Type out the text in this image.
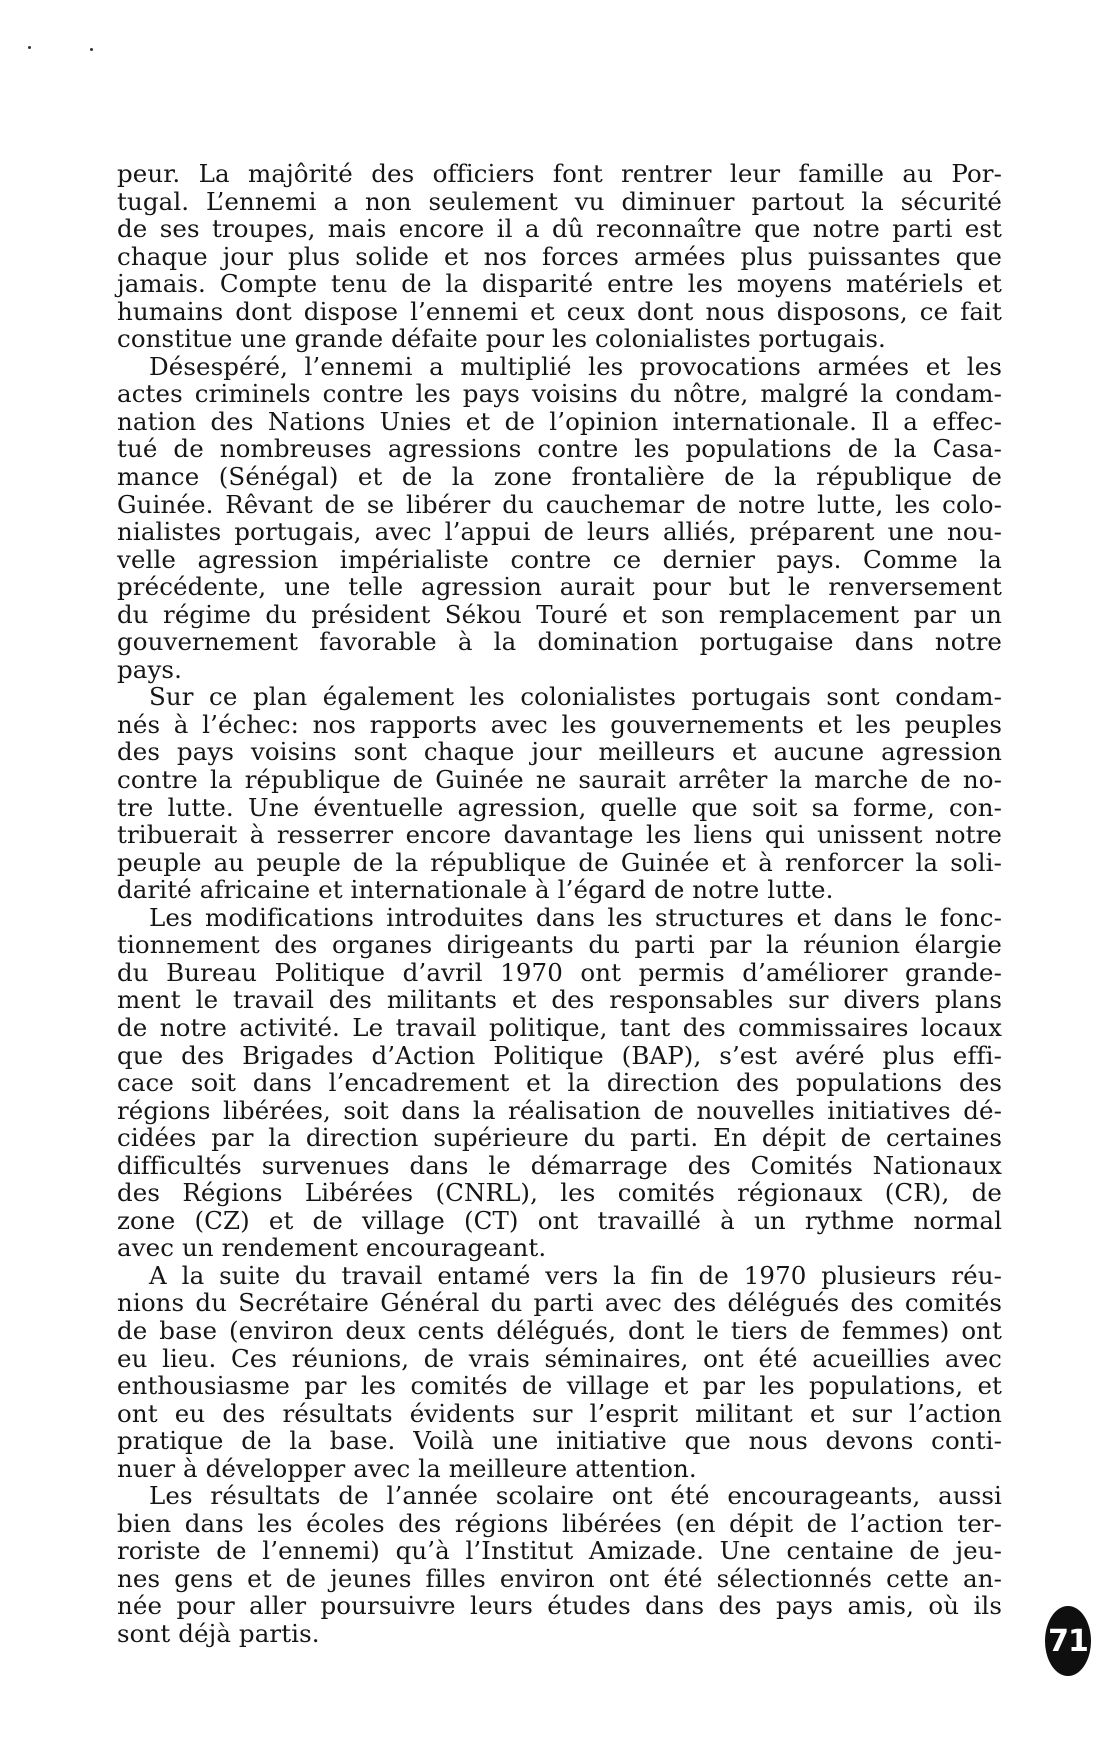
peur. La majôrité des officiers font rentrer leur famille au Por-
tugal. L’ennemi a non seulement vu diminuer partout la sécurité
de ses troupes, mais encore il a dû reconnaître que notre parti est
chaque jour plus solide et nos forces armées plus puissantes que
jamais. Compte tenu de la disparité entre les moyens matériels et
humains dont dispose l’ennemi et ceux dont nous disposons, ce fait
constitue une grande défaite pour les colonialistes portugais.
Désespéré, l’ennemi a multiplié les provocations armées et les
actes criminels contre les pays voisins du nôtre, malgré la condam-
nation des Nations Unies et de l’opinion internationale. Il a effec-
tué de nombreuses agressions contre les populations de la Casa-
mance (Sénégal) et de la zone frontalière de la république de
Guinée. Rêvant de se libérer du cauchemar de notre lutte, les colo-
nialistes portugais, avec l’appui de leurs alliés, préparent une nou-
velle agression impérialiste contre ce dernier pays. Comme la
précédente, une telle agression aurait pour but le renversement
du régime du président Sékou Touré et son remplacement par un
gouvernement favorable à la domination portugaise dans notre
pays.
Sur ce plan également les colonialistes portugais sont condam-
nés à l’échec: nos rapports avec les gouvernements et les peuples
des pays voisins sont chaque jour meilleurs et aucune agression
contre la république de Guinée ne saurait arrêter la marche de no-
tre lutte. Une éventuelle agression, quelle que soit sa forme, con-
tribuerait à resserrer encore davantage les liens qui unissent notre
peuple au peuple de la république de Guinée et à renforcer la soli-
darité africaine et internationale à l’égard de notre lutte.
Les modifications introduites dans les structures et dans le fonc-
tionnement des organes dirigeants du parti par la réunion élargie
du Bureau Politique d’avril 1970 ont permis d’améliorer grande-
ment le travail des militants et des responsables sur divers plans
de notre activité. Le travail politique, tant des commissaires locaux
que des Brigades d’Action Politique (BAP), s’est avéré plus effi-
cace soit dans l’encadrement et la direction des populations des
régions libérées, soit dans la réalisation de nouvelles initiatives dé-
cidées par la direction supérieure du parti. En dépit de certaines
difficultés survenues dans le démarrage des Comités Nationaux
des Régions Libérées (CNRL), les comités régionaux (CR), de
zone (CZ) et de village (CT) ont travaillé à un rythme normal
avec un rendement encourageant.
A la suite du travail entamé vers la fin de 1970 plusieurs réu-
nions du Secrétaire Général du parti avec des délégués des comités
de base (environ deux cents délégués, dont le tiers de femmes) ont
eu lieu. Ces réunions, de vrais séminaires, ont été acueillies avec
enthousiasme par les comités de village et par les populations, et
ont eu des résultats évidents sur l’esprit militant et sur l’action
pratique de la base. Voilà une initiative que nous devons conti-
nuer à développer avec la meilleure attention.
Les résultats de l’année scolaire ont été encourageants, aussi
bien dans les écoles des régions libérées (en dépit de l’action ter-
roriste de l’ennemi) qu’à l’Institut Amizade. Une centaine de jeu-
nes gens et de jeunes filles environ ont été sélectionnés cette an-
née pour aller poursuivre leurs études dans des pays amis, où ils
sont déjà partis.	71
